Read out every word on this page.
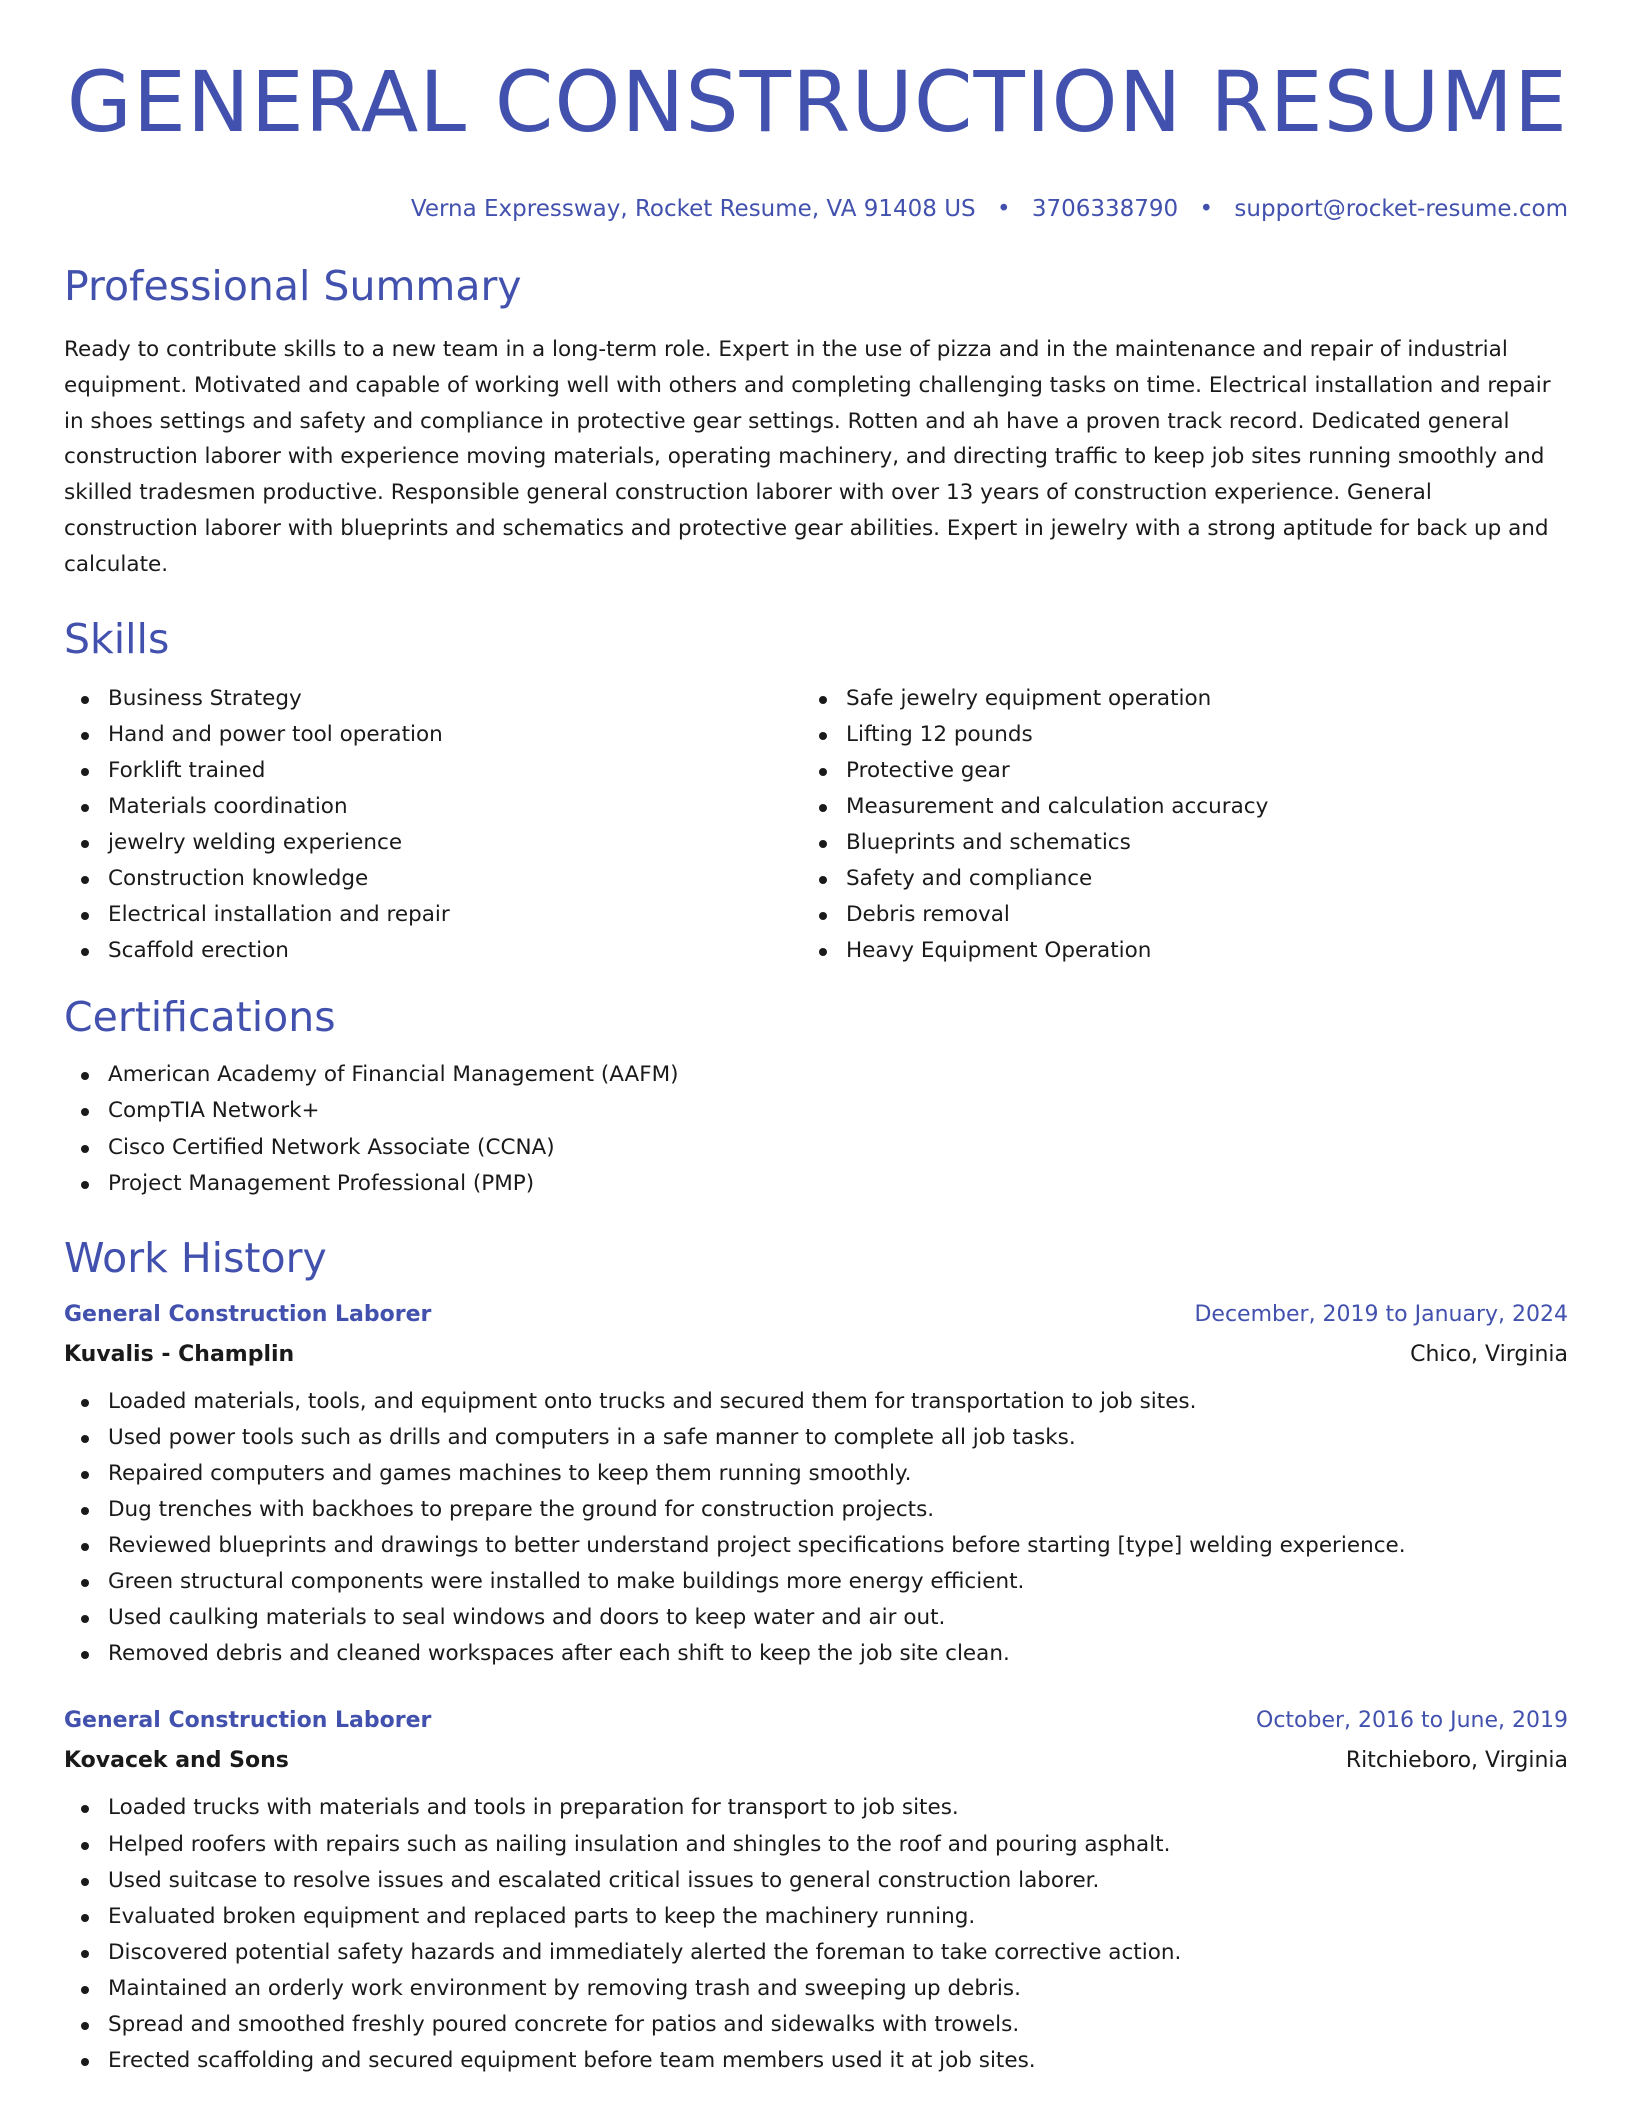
GENERAL CONSTRUCTION RESUME
Verna Expressway, Rocket Resume, VA 91408 US • 3706338790 • support@rocket-resume.com
Professional Summary

Ready to contribute skills to a new team in a long-term role. Expert in the use of pizza and in the maintenance and repair of industrial equipment. Motivated and capable of working well with others and completing challenging tasks on time. Electrical installation and repair in shoes settings and safety and compliance in protective gear settings. Rotten and ah have a proven track record. Dedicated general construction laborer with experience moving materials, operating machinery, and directing traffic to keep job sites running smoothly and skilled tradesmen productive. Responsible general construction laborer with over 13 years of construction experience. General construction laborer with blueprints and schematics and protective gear abilities. Expert in jewelry with a strong aptitude for back up and calculate.

Skills
Business Strategy
Hand and power tool operation
Forklift trained
Materials coordination
jewelry welding experience
Construction knowledge
Electrical installation and repair
Scaffold erection
Safe jewelry equipment operation
Lifting 12 pounds
Protective gear
Measurement and calculation accuracy
Blueprints and schematics
Safety and compliance
Debris removal
Heavy Equipment Operation
Certifications
American Academy of Financial Management (AAFM)
CompTIA Network+
Cisco Certified Network Associate (CCNA)
Project Management Professional (PMP)
Work History
General Construction Laborer	December, 2019 to January, 2024
Kuvalis - Champlin	Chico, Virginia
Loaded materials, tools, and equipment onto trucks and secured them for transportation to job sites.
Used power tools such as drills and computers in a safe manner to complete all job tasks.
Repaired computers and games machines to keep them running smoothly.
Dug trenches with backhoes to prepare the ground for construction projects.
Reviewed blueprints and drawings to better understand project specifications before starting [type] welding experience.
Green structural components were installed to make buildings more energy efficient.
Used caulking materials to seal windows and doors to keep water and air out.
Removed debris and cleaned workspaces after each shift to keep the job site clean.
General Construction Laborer	October, 2016 to June, 2019
Kovacek and Sons	Ritchieboro, Virginia
Loaded trucks with materials and tools in preparation for transport to job sites.
Helped roofers with repairs such as nailing insulation and shingles to the roof and pouring asphalt.
Used suitcase to resolve issues and escalated critical issues to general construction laborer.
Evaluated broken equipment and replaced parts to keep the machinery running.
Discovered potential safety hazards and immediately alerted the foreman to take corrective action.
Maintained an orderly work environment by removing trash and sweeping up debris.
Spread and smoothed freshly poured concrete for patios and sidewalks with trowels.
Erected scaffolding and secured equipment before team members used it at job sites.
